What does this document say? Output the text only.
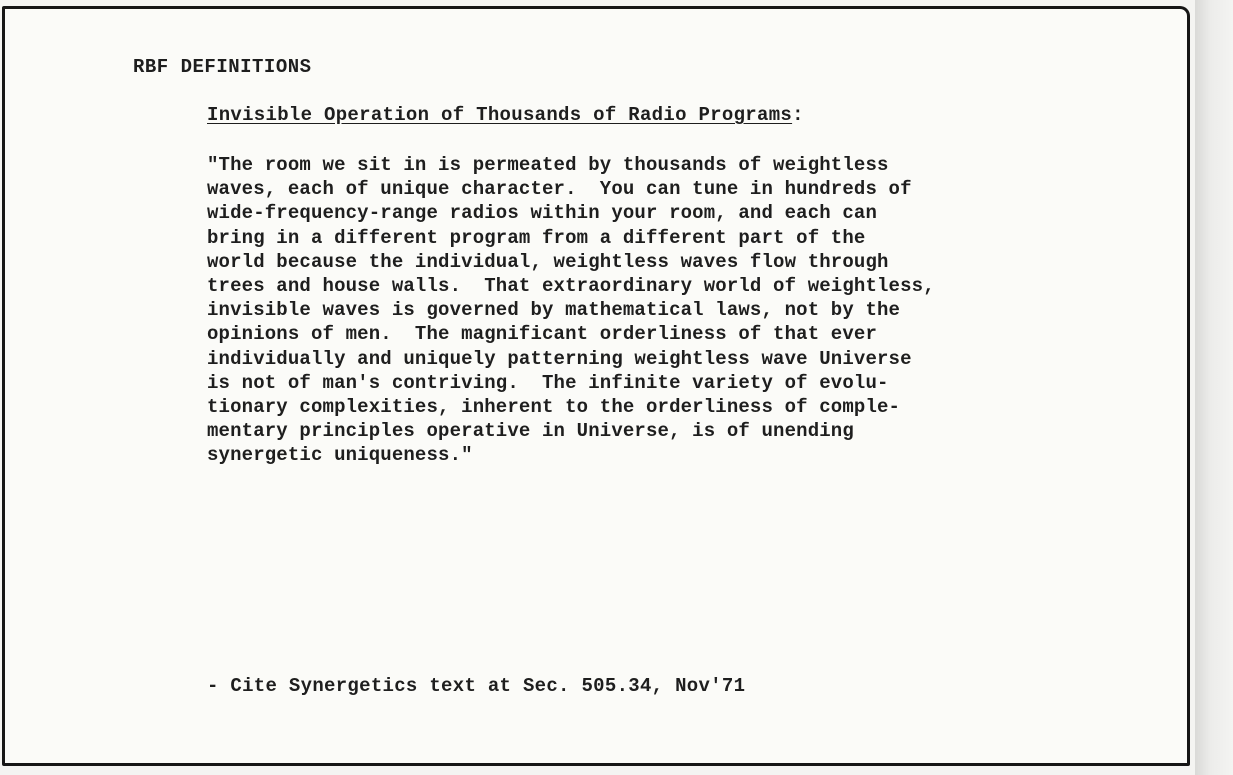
RBF DEFINITIONS
Invisible Operation of Thousands of Radio Programs:
"The room we sit in is permeated by thousands of weightless
waves, each of unique character.  You can tune in hundreds of
wide-frequency-range radios within your room, and each can
bring in a different program from a different part of the
world because the individual, weightless waves flow through
trees and house walls.  That extraordinary world of weightless,
invisible waves is governed by mathematical laws, not by the
opinions of men.  The magnificant orderliness of that ever
individually and uniquely patterning weightless wave Universe
is not of man's contriving.  The infinite variety of evolu-
tionary complexities, inherent to the orderliness of comple-
mentary principles operative in Universe, is of unending
synergetic uniqueness."
- Cite Synergetics text at Sec. 505.34, Nov'71
